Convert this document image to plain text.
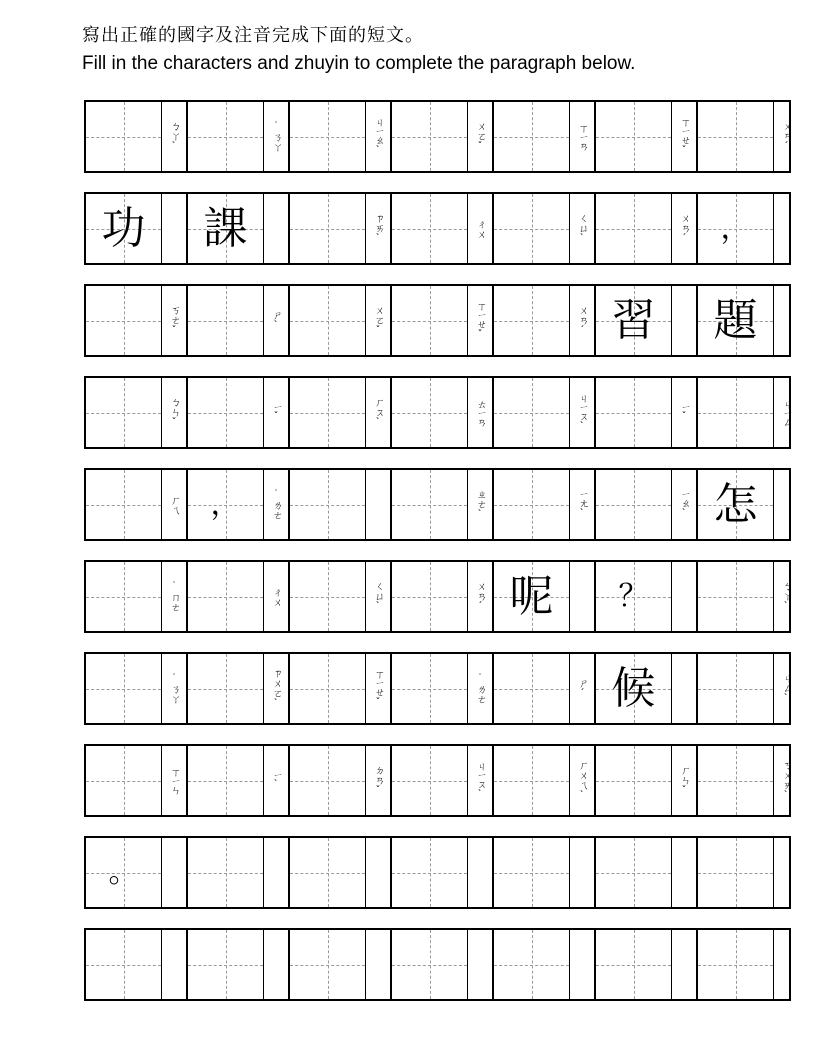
寫出正確的國字及注音完成下面的短文。
Fill in the characters and zhuyin to complete the paragraph below.
ㄅㄚˋ	˙ㄋㄚ	ㄐㄧㄠˋ	ㄨㄛˇ	ㄒㄧㄢ	ㄒㄧㄝˇ	ㄨㄢˊ
功	課	ㄗㄞˋ	ㄔㄨ	ㄑㄩˋ	ㄨㄢˊ	，
ㄎㄜˇ	ㄕˋ	ㄨㄛˇ	ㄒㄧㄝˇ	ㄨㄢˊ 習	題
ㄅㄣˇ	ㄧˇ	ㄏㄡˋ	ㄊㄧㄢ	ㄐㄧㄡˋ	ㄧˇ	ㄐㄧㄥ
ㄏㄟ	，	˙ㄌㄜ	ㄓㄜˋ	ㄧㄤˋ	ㄧㄠˋ 怎
˙ㄇㄜ	ㄔㄨ	ㄑㄩˋ	ㄨㄢˊ 呢	？	ㄅㄚˋ
˙ㄋㄚ	ㄗㄨㄛˋ	ㄒㄧㄝˇ	˙ㄌㄜ	ㄕˊ 候	ㄐㄥˋ
ㄒㄧㄣ	ㄧˋ	ㄉㄢˇ	ㄐㄧㄡˋ	ㄏㄨㄟˋ	ㄏㄣˇ	ㄎㄨㄞˋ
。
